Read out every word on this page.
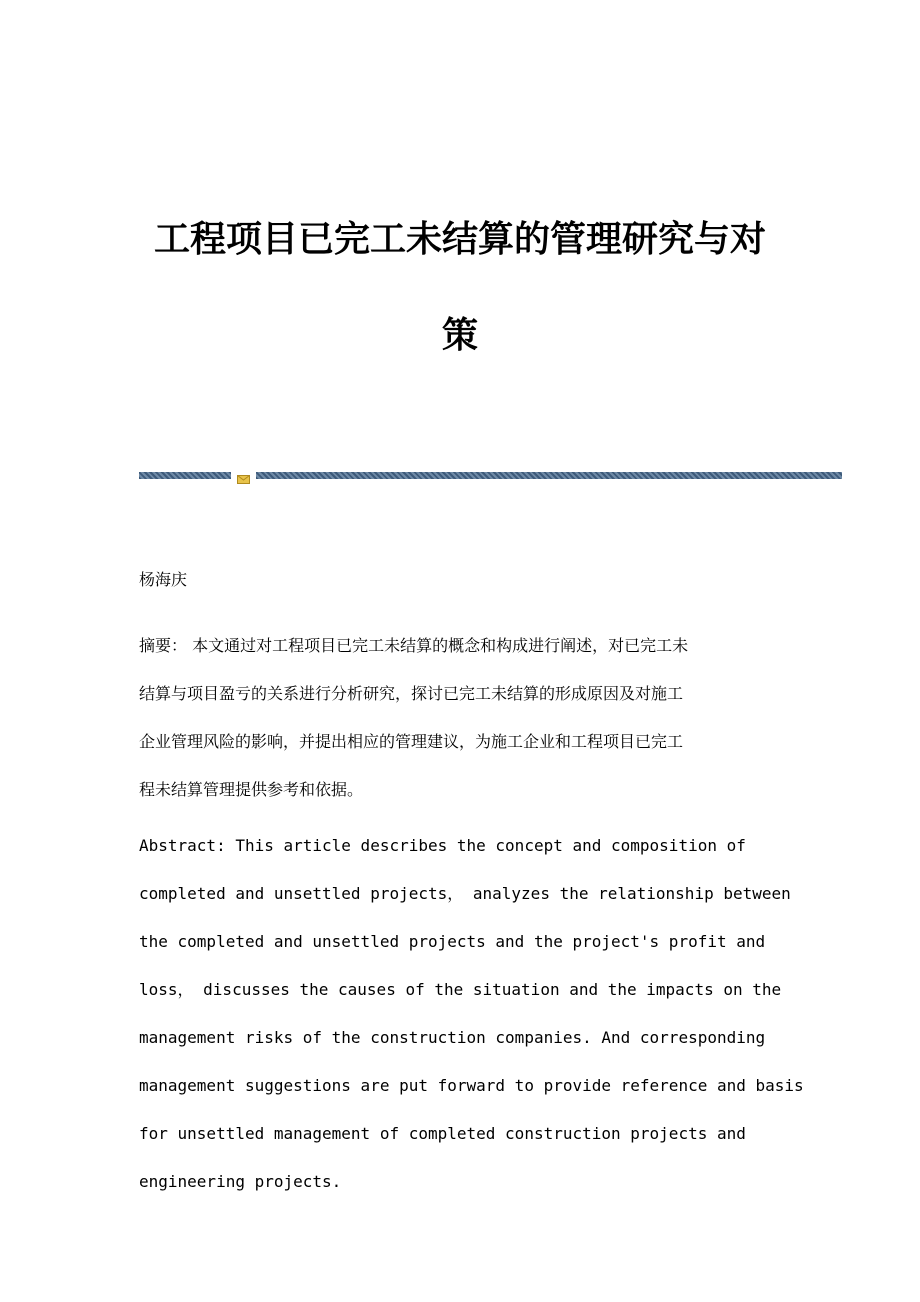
工程项目已完工未结算的管理研究与对
策

杨海庆

摘要： 本文通过对工程项目已完工未结算的概念和构成进行阐述，对已完工未
结算与项目盈亏的关系进行分析研究，探讨已完工未结算的形成原因及对施工
企业管理风险的影响，并提出相应的管理建议，为施工企业和工程项目已完工
程未结算管理提供参考和依据。

Abstract: This article describes the concept and composition of
completed and unsettled projects， analyzes the relationship between
the completed and unsettled projects and the project's profit and
loss， discusses the causes of the situation and the impacts on the
management risks of the construction companies. And corresponding
management suggestions are put forward to provide reference and basis
for unsettled management of completed construction projects and
engineering projects.
